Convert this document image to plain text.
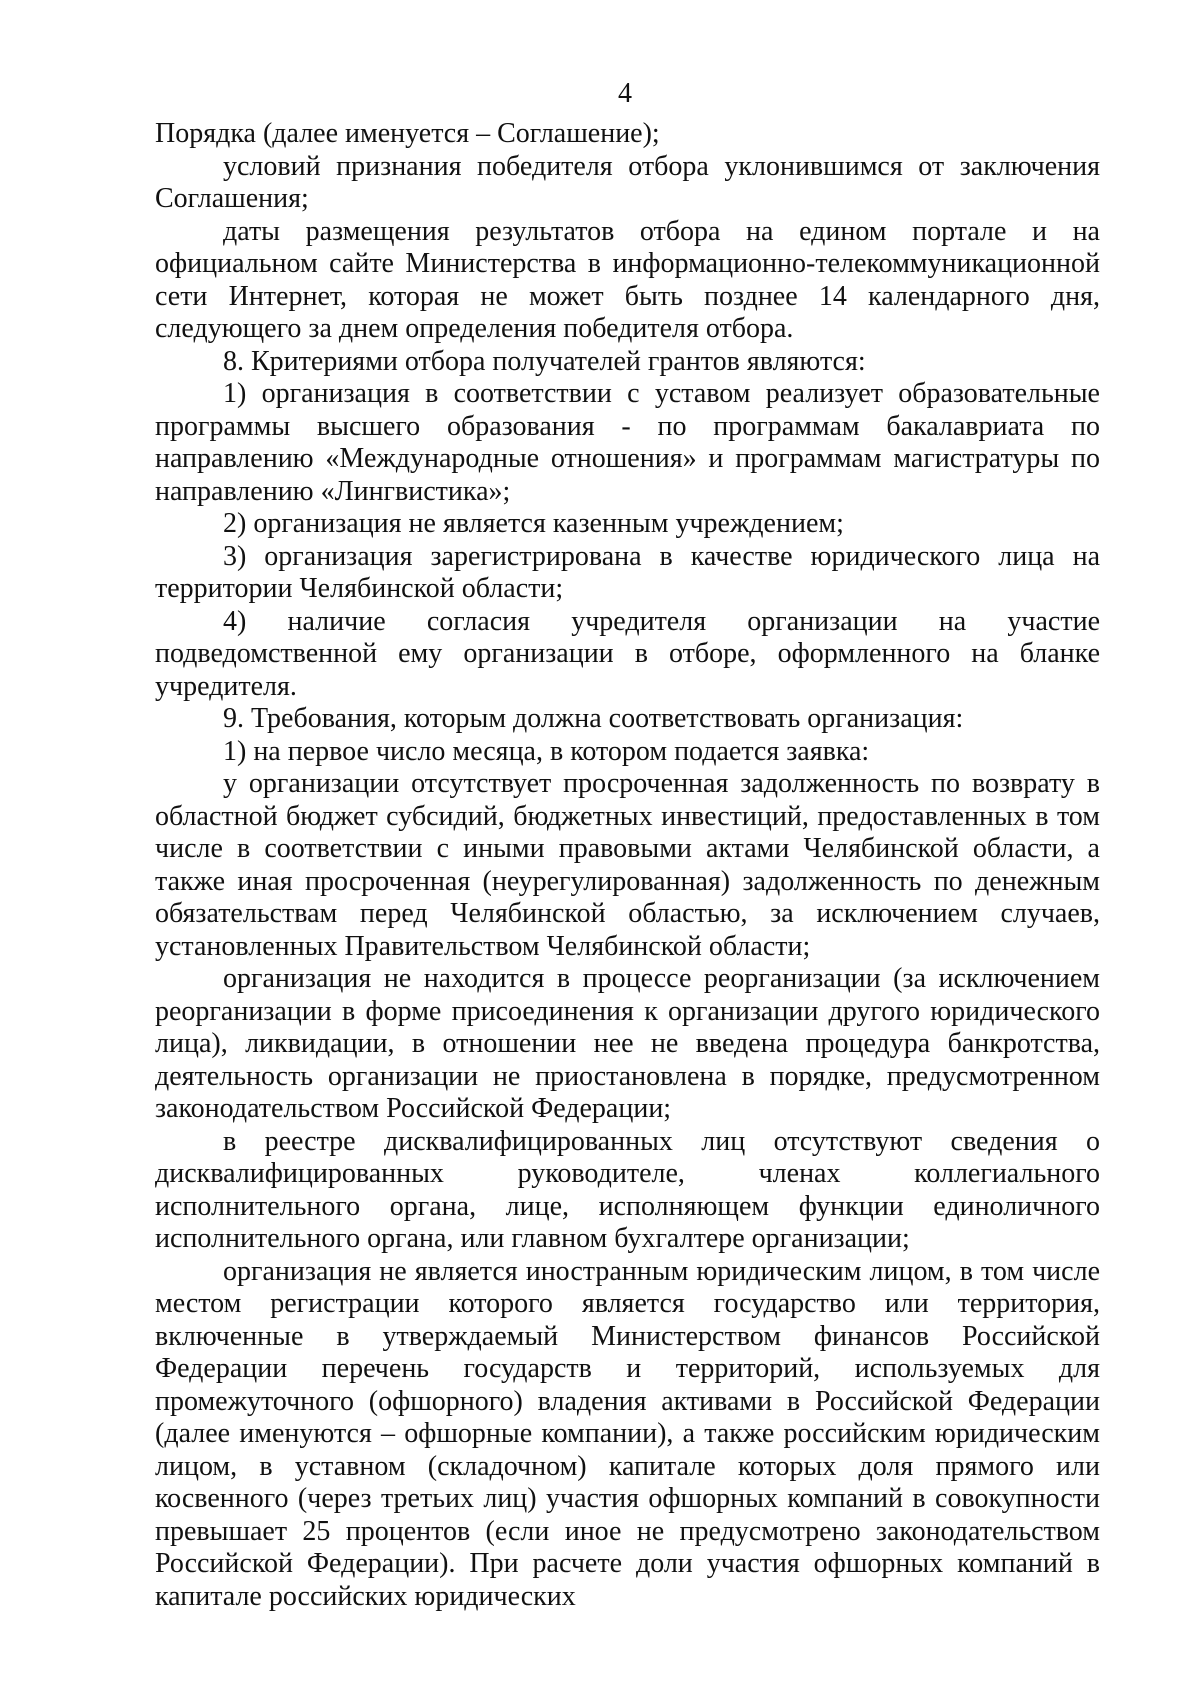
4

Порядка (далее именуется – Соглашение);

условий признания победителя отбора уклонившимся от заключения Соглашения;

даты размещения результатов отбора на едином портале и на официальном сайте Министерства в информационно-телекоммуникационной сети Интернет, которая не может быть позднее 14 календарного дня, следующего за днем определения победителя отбора.

8. Критериями отбора получателей грантов являются:

1) организация в соответствии с уставом реализует образовательные программы высшего образования - по программам бакалавриата по направлению «Международные отношения» и программам магистратуры по направлению «Лингвистика»;

2) организация не является казенным учреждением;

3) организация зарегистрирована в качестве юридического лица на территории Челябинской области;

4) наличие согласия учредителя организации на участие подведомственной ему организации в отборе, оформленного на бланке учредителя.

9. Требования, которым должна соответствовать организация:

1) на первое число месяца, в котором подается заявка:

у организации отсутствует просроченная задолженность по возврату в областной бюджет субсидий, бюджетных инвестиций, предоставленных в том числе в соответствии с иными правовыми актами Челябинской области, а также иная просроченная (неурегулированная) задолженность по денежным обязательствам перед Челябинской областью, за исключением случаев, установленных Правительством Челябинской области;

организация не находится в процессе реорганизации (за исключением реорганизации в форме присоединения к организации другого юридического лица), ликвидации, в отношении нее не введена процедура банкротства, деятельность организации не приостановлена в порядке, предусмотренном законодательством Российской Федерации;

в реестре дисквалифицированных лиц отсутствуют сведения о дисквалифицированных руководителе, членах коллегиального исполнительного органа, лице, исполняющем функции единоличного исполнительного органа, или главном бухгалтере организации;

организация не является иностранным юридическим лицом, в том числе местом регистрации которого является государство или территория, включенные в утверждаемый Министерством финансов Российской Федерации перечень государств и территорий, используемых для промежуточного (офшорного) владения активами в Российской Федерации (далее именуются – офшорные компании), а также российским юридическим лицом, в уставном (складочном) капитале которых доля прямого или косвенного (через третьих лиц) участия офшорных компаний в совокупности превышает 25 процентов (если иное не предусмотрено законодательством Российской Федерации). При расчете доли участия офшорных компаний в капитале российских юридических
